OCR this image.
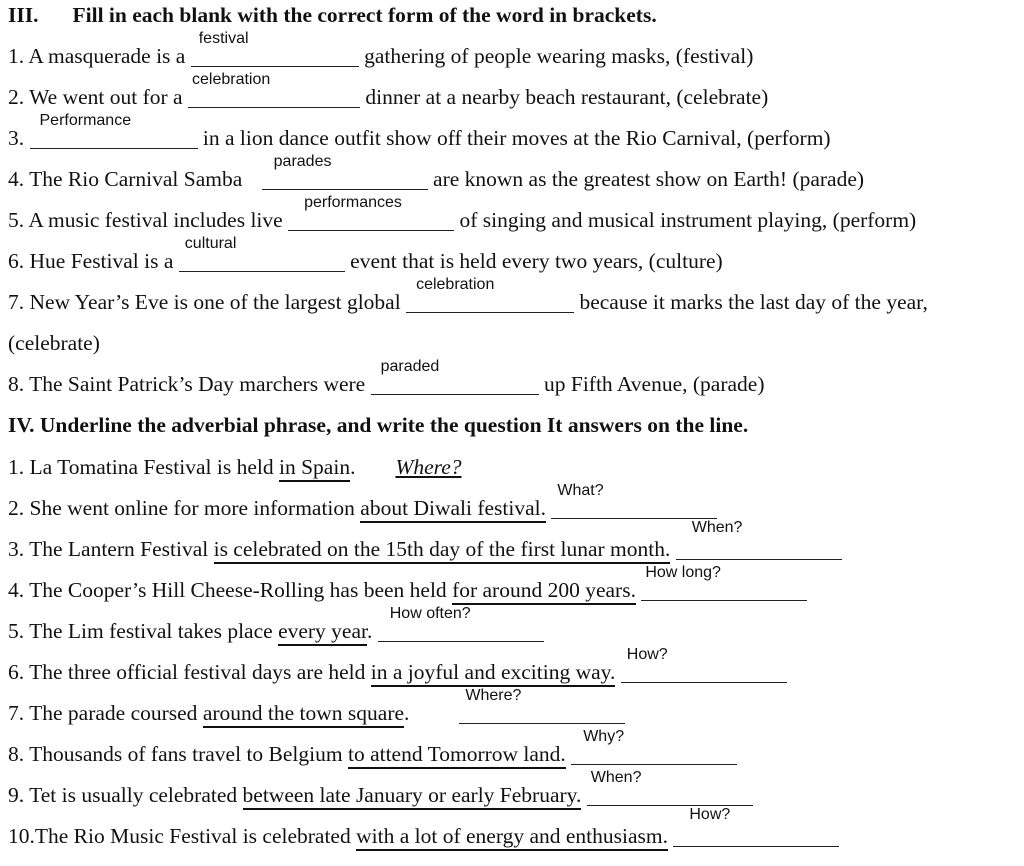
III. Fill in each blank with the correct form of the word in brackets.
1. A masquerade is a
festival
gathering of people wearing masks, (festival)
2. We went out for a
celebration
dinner at a nearby beach restaurant, (celebrate)
3.
Performance
in a lion dance outfit show off their moves at the Rio Carnival, (perform)
4. The Rio Carnival Samba
parades
are known as the greatest show on Earth! (parade)
5. A music festival includes live
performances
of singing and musical instrument playing, (perform)
6. Hue Festival is a
cultural
event that is held every two years, (culture)
7. New Year’s Eve is one of the largest global
celebration
because it marks the last day of the year,
(celebrate)
8. The Saint Patrick’s Day marchers were
paraded
up Fifth Avenue, (parade)
IV. Underline the adverbial phrase, and write the question It answers on the line.
1. La Tomatina Festival is held in Spain. Where?
2. She went online for more information about Diwali festival.
What?
3. The Lantern Festival is celebrated on the 15th day of the first lunar month.
When?
4. The Cooper’s Hill Cheese-Rolling has been held for around 200 years.
How long?
5. The Lim festival takes place every year.
How often?
6. The three official festival days are held in a joyful and exciting way.
How?
7. The parade coursed around the town square.
Where?
8. Thousands of fans travel to Belgium to attend Tomorrow land.
Why?
9. Tet is usually celebrated between late January or early February.
When?
10.The Rio Music Festival is celebrated with a lot of energy and enthusiasm.
How?
